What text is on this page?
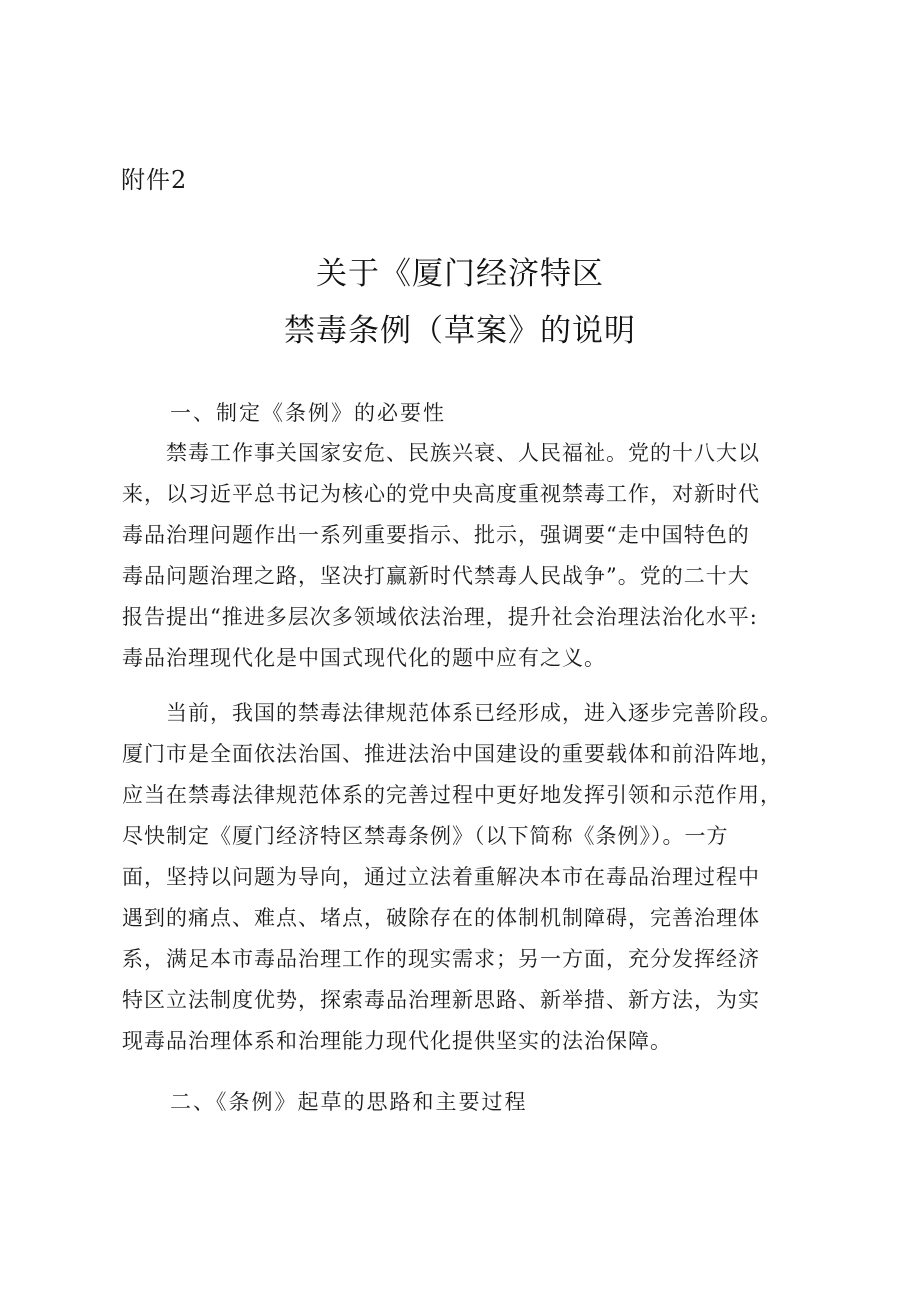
附件2
关于《厦门经济特区
禁毒条例（草案》的说明
一、制定《条例》的必要性
　　禁毒工作事关国家安危、民族兴衰、人民福祉。党的十八大以
来，以习近平总书记为核心的党中央高度重视禁毒工作，对新时代
毒品治理问题作出一系列重要指示、批示，强调要“走中国特色的
毒品问题治理之路，坚决打赢新时代禁毒人民战争”。党的二十大
报告提出“推进多层次多领域依法治理，提升社会治理法治化水平:
毒品治理现代化是中国式现代化的题中应有之义。
　　当前，我国的禁毒法律规范体系已经形成，进入逐步完善阶段。
厦门市是全面依法治国、推进法治中国建设的重要载体和前沿阵地，
应当在禁毒法律规范体系的完善过程中更好地发挥引领和示范作用，
尽快制定《厦门经济特区禁毒条例》（以下简称《条例》）。一方
面，坚持以问题为导向，通过立法着重解决本市在毒品治理过程中
遇到的痛点、难点、堵点，破除存在的体制机制障碍，完善治理体
系，满足本市毒品治理工作的现实需求；另一方面，充分发挥经济
特区立法制度优势，探索毒品治理新思路、新举措、新方法，为实
现毒品治理体系和治理能力现代化提供坚实的法治保障。
二、《条例》起草的思路和主要过程
